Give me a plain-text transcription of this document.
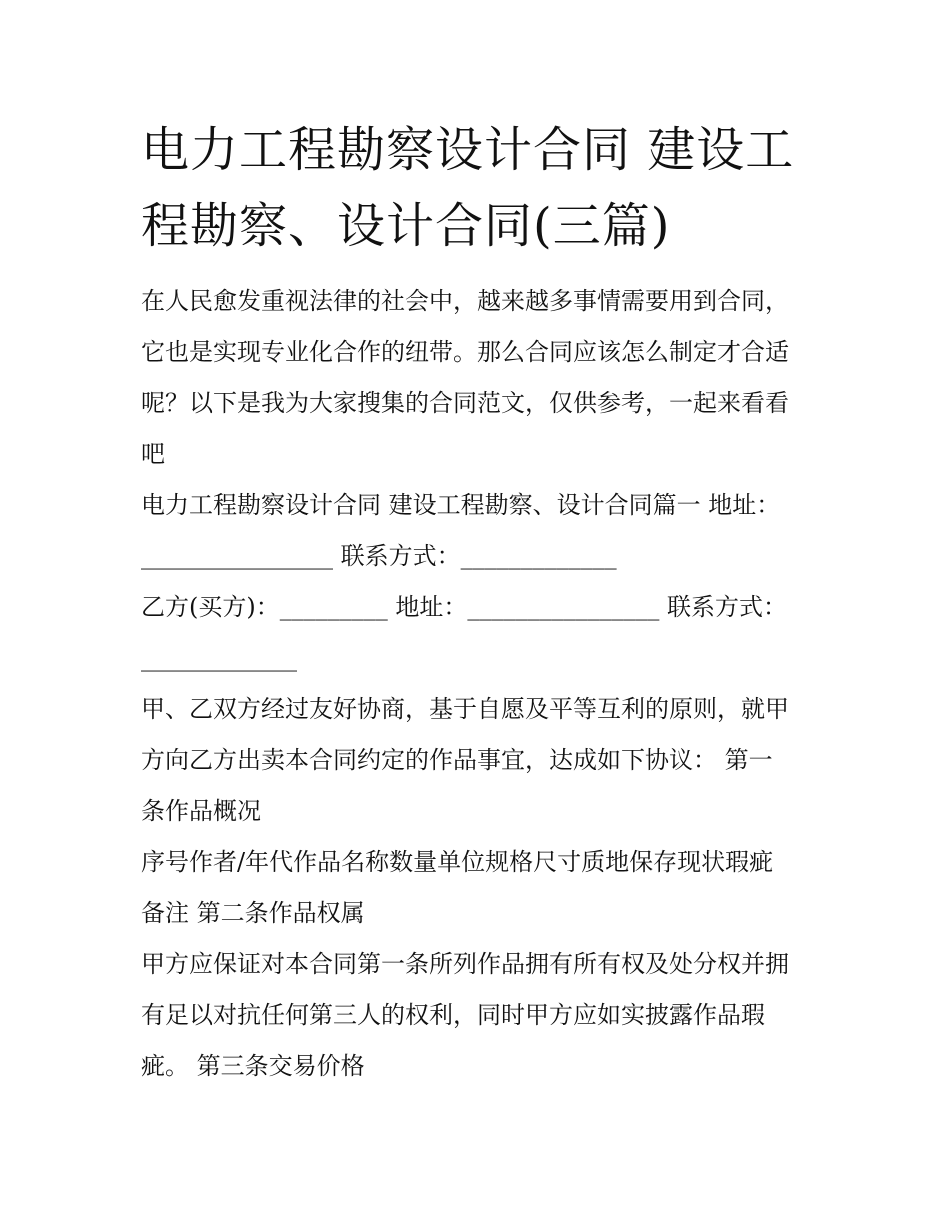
电力工程勘察设计合同 建设工
程勘察、设计合同(三篇)
在人民愈发重视法律的社会中，越来越多事情需要用到合同，
它也是实现专业化合作的纽带。那么合同应该怎么制定才合适
呢？以下是我为大家搜集的合同范文，仅供参考，一起来看看
吧
电力工程勘察设计合同 建设工程勘察、设计合同篇一 地址：
________________ 联系方式：_____________
乙方(买方)：_________ 地址：________________ 联系方式：
_____________
甲、乙双方经过友好协商，基于自愿及平等互利的原则，就甲
方向乙方出卖本合同约定的作品事宜，达成如下协议： 第一
条作品概况
序号作者/年代作品名称数量单位规格尺寸质地保存现状瑕疵
备注 第二条作品权属
甲方应保证对本合同第一条所列作品拥有所有权及处分权并拥
有足以对抗任何第三人的权利，同时甲方应如实披露作品瑕
疵。 第三条交易价格
